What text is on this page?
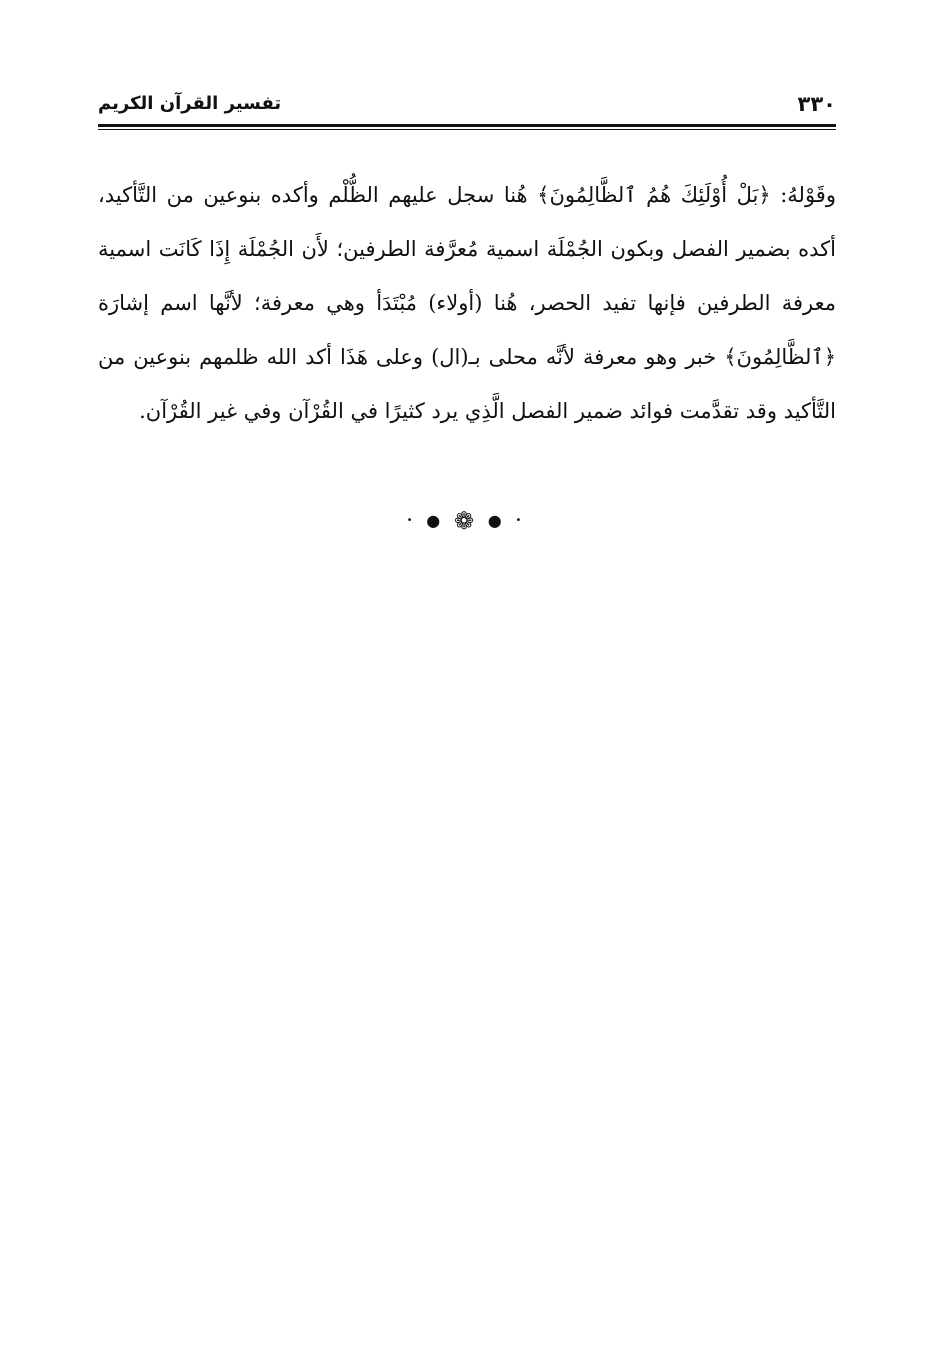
٣٣٠
تفسير القرآن الكريم

وقَوْلهُ: ﴿بَلْ أُوْلَئِكَ هُمُ ٱلظَّالِمُونَ﴾ هُنا سجل عليهم الظُّلْم وأكده بنوعين من التَّأكيد، أكده بضمير الفصل وبكون الجُمْلَة اسمية مُعرَّفة الطرفين؛ لأَن الجُمْلَة إِذَا كَانَت اسمية معرفة الطرفين فإنها تفيد الحصر، هُنا (أولاء) مُبْتَدَأ وهي معرفة؛ لأنَّها اسم إشارَة ﴿ٱلظَّالِمُونَ﴾ خبر وهو معرفة لأنَّه محلى بـ(ال) وعلى هَذَا أكد الله ظلمهم بنوعين من التَّأكيد وقد تقدَّمت فوائد ضمير الفصل الَّذِي يرد كثيرًا في القُرْآن وفي غير القُرْآن.

• ● ❁ ● •
